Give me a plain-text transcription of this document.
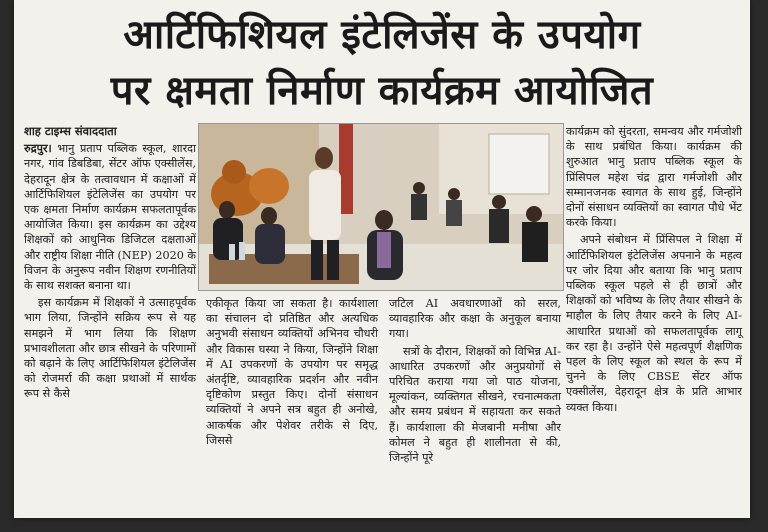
आर्टिफिशियल इंटेलिजेंस के उपयोग
पर क्षमता निर्माण कार्यक्रम आयोजित
शाह टाइम्स संवाददाता

रुद्रपुर। भानु प्रताप पब्लिक स्कूल, शारदा नगर, गांव डिबडिबा, सेंटर ऑफ एक्सीलेंस, देहरादून क्षेत्र के तत्वावधान में कक्षाओं में आर्टिफिशियल इंटेलिजेंस का उपयोग पर एक क्षमता निर्माण कार्यक्रम सफलतापूर्वक आयोजित किया। इस कार्यक्रम का उद्देश्य शिक्षकों को आधुनिक डिजिटल दक्षताओं और राष्ट्रीय शिक्षा नीति (NEP) 2020 के विजन के अनुरूप नवीन शिक्षण रणनीतियों के साथ सशक्त बनाना था।

इस कार्यक्रम में शिक्षकों ने उत्साहपूर्वक भाग लिया, जिन्होंने सक्रिय रूप से यह समझने में भाग लिया कि शिक्षण प्रभावशीलता और छात्र सीखने के परिणामों को बढ़ाने के लिए आर्टिफिशियल इंटेलिजेंस को रोजमर्रा की कक्षा प्रथाओं में सार्थक रूप से कैसे

एकीकृत किया जा सकता है। कार्यशाला का संचालन दो प्रतिष्ठित और अत्यधिक अनुभवी संसाधन व्यक्तियों अभिनव चौधरी और विकास घस्या ने किया, जिन्होंने शिक्षा में AI उपकरणों के उपयोग पर समृद्ध अंतर्दृष्टि, व्यावहारिक प्रदर्शन और नवीन दृष्टिकोण प्रस्तुत किए। दोनों संसाधन व्यक्तियों ने अपने सत्र बहुत ही अनोखे, आकर्षक और पेशेवर तरीके से दिए, जिससे

जटिल AI अवधारणाओं को सरल, व्यावहारिक और कक्षा के अनुकूल बनाया गया।

सत्रों के दौरान, शिक्षकों को विभिन्न AI-आधारित उपकरणों और अनुप्रयोगों से परिचित कराया गया जो पाठ योजना, मूल्यांकन, व्यक्तिगत सीखने, रचनात्मकता और समय प्रबंधन में सहायता कर सकते हैं। कार्यशाला की मेजबानी मनीषा और कोमल ने बहुत ही शालीनता से की, जिन्होंने पूरे

कार्यक्रम को सुंदरता, समन्वय और गर्मजोशी के साथ प्रबंधित किया। कार्यक्रम की शुरुआत भानु प्रताप पब्लिक स्कूल के प्रिंसिपल महेश चंद्र द्वारा गर्मजोशी और सम्मानजनक स्वागत के साथ हुई, जिन्होंने दोनों संसाधन व्यक्तियों का स्वागत पौधे भेंट करके किया।

अपने संबोधन में प्रिंसिपल ने शिक्षा में आर्टिफिशियल इंटेलिजेंस अपनाने के महत्व पर जोर दिया और बताया कि भानु प्रताप पब्लिक स्कूल पहले से ही छात्रों और शिक्षकों को भविष्य के लिए तैयार सीखने के माहौल के लिए तैयार करने के लिए AI-आधारित प्रथाओं को सफलतापूर्वक लागू कर रहा है। उन्होंने ऐसे महत्वपूर्ण शैक्षणिक पहल के लिए स्कूल को स्थल के रूप में चुनने के लिए CBSE सेंटर ऑफ एक्सीलेंस, देहरादून क्षेत्र के प्रति आभार व्यक्त किया।
